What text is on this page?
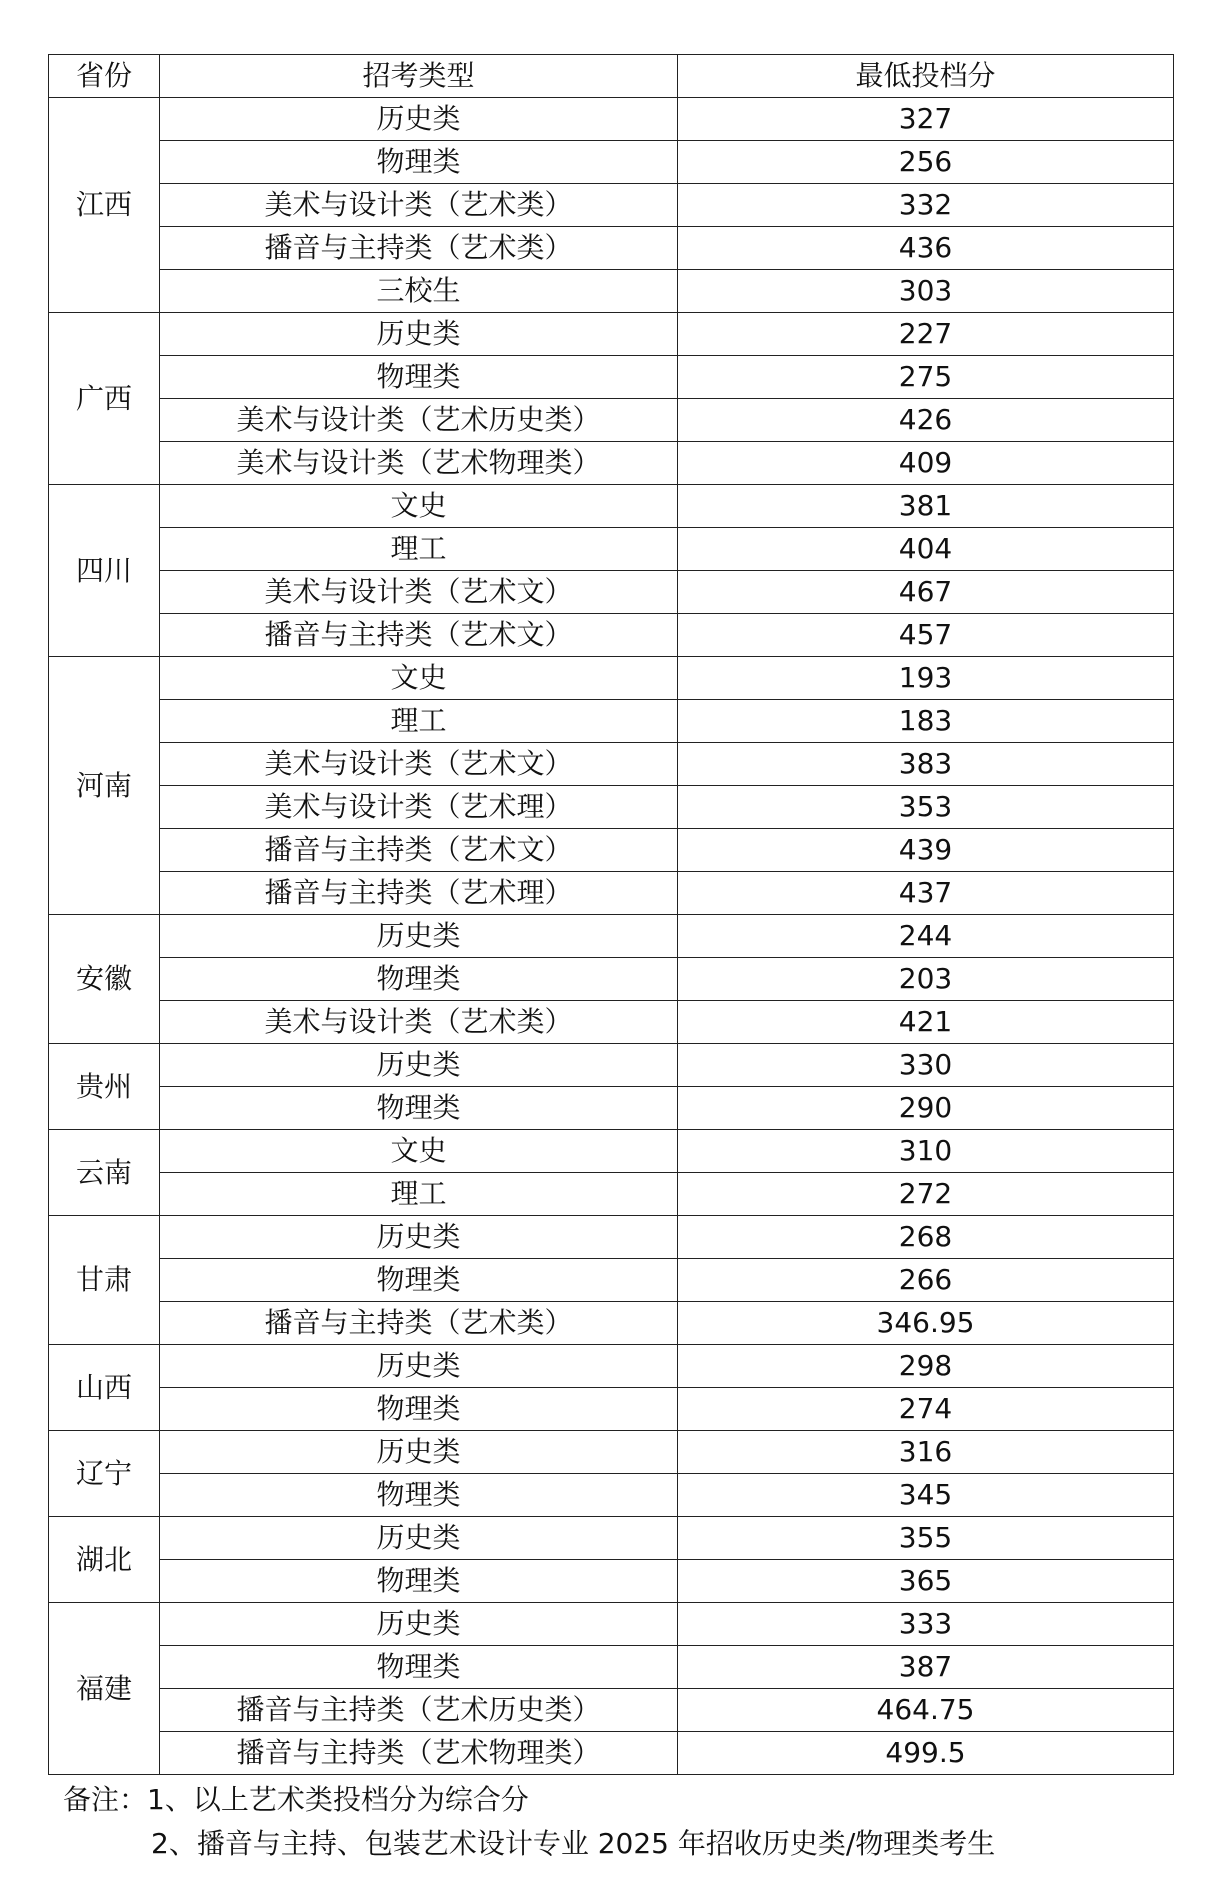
省份	招考类型	最低投档分
江西	历史类	327
	物理类	256
	美术与设计类（艺术类）	332
	播音与主持类（艺术类）	436
	三校生	303
广西	历史类	227
	物理类	275
	美术与设计类（艺术历史类）	426
	美术与设计类（艺术物理类）	409
四川	文史	381
	理工	404
	美术与设计类（艺术文）	467
	播音与主持类（艺术文）	457
河南	文史	193
	理工	183
	美术与设计类（艺术文）	383
	美术与设计类（艺术理）	353
	播音与主持类（艺术文）	439
	播音与主持类（艺术理）	437
安徽	历史类	244
	物理类	203
	美术与设计类（艺术类）	421
贵州	历史类	330
	物理类	290
云南	文史	310
	理工	272
甘肃	历史类	268
	物理类	266
	播音与主持类（艺术类）	346.95
山西	历史类	298
	物理类	274
辽宁	历史类	316
	物理类	345
湖北	历史类	355
	物理类	365
福建	历史类	333
	物理类	387
	播音与主持类（艺术历史类）	464.75
	播音与主持类（艺术物理类）	499.5
备注：1、以上艺术类投档分为综合分
2、播音与主持、包装艺术设计专业 2025 年招收历史类/物理类考生
